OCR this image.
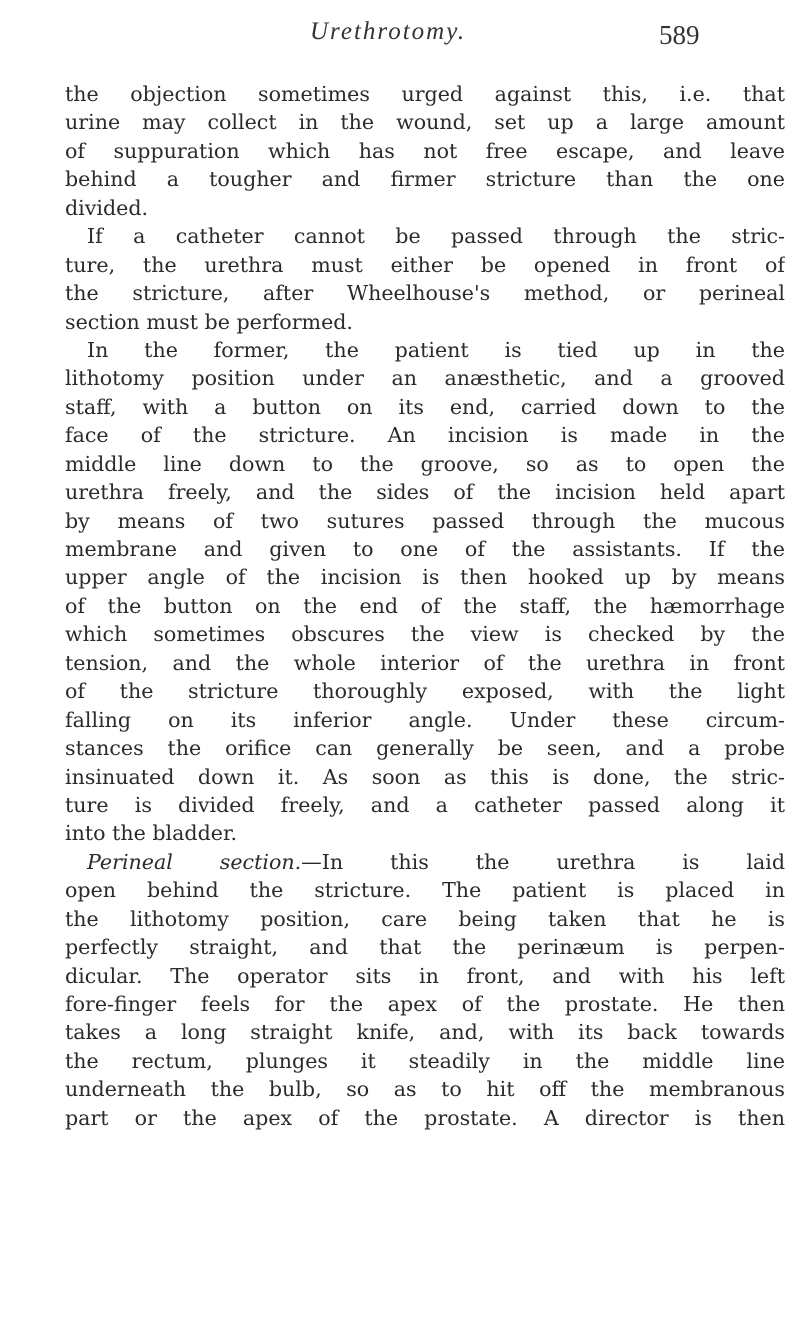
Urethrotomy.	589
the objection sometimes urged against this, i.e. that
urine may collect in the wound, set up a large amount
of suppuration which has not free escape, and leave
behind a tougher and firmer stricture than the one
divided.
If a catheter cannot be passed through the stric-
ture, the urethra must either be opened in front of
the stricture, after Wheelhouse's method, or perineal
section must be performed.
In the former, the patient is tied up in the
lithotomy position under an anæsthetic, and a grooved
staff, with a button on its end, carried down to the
face of the stricture. An incision is made in the
middle line down to the groove, so as to open the
urethra freely, and the sides of the incision held apart
by means of two sutures passed through the mucous
membrane and given to one of the assistants. If the
upper angle of the incision is then hooked up by means
of the button on the end of the staff, the hæmorrhage
which sometimes obscures the view is checked by the
tension, and the whole interior of the urethra in front
of the stricture thoroughly exposed, with the light
falling on its inferior angle. Under these circum-
stances the orifice can generally be seen, and a probe
insinuated down it. As soon as this is done, the stric-
ture is divided freely, and a catheter passed along it
into the bladder.
Perineal section.—In this the urethra is laid
open behind the stricture. The patient is placed in
the lithotomy position, care being taken that he is
perfectly straight, and that the perinæum is perpen-
dicular. The operator sits in front, and with his left
fore-finger feels for the apex of the prostate. He then
takes a long straight knife, and, with its back towards
the rectum, plunges it steadily in the middle line
underneath the bulb, so as to hit off the membranous
part or the apex of the prostate. A director is then
